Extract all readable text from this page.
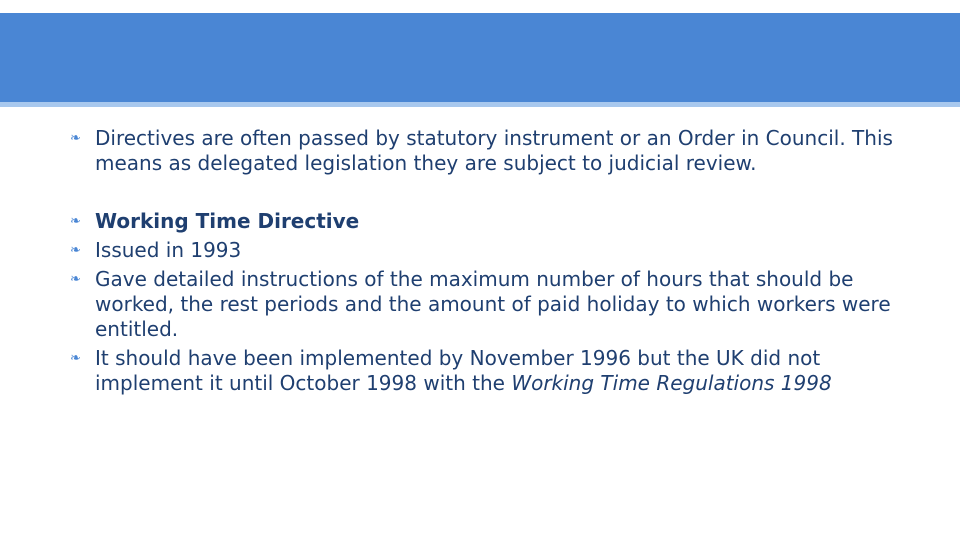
❧ Directives are often passed by statutory instrument or an Order in Council. This means as delegated legislation they are subject to judicial review.
❧ Working Time Directive
❧ Issued in 1993
❧ Gave detailed instructions of the maximum number of hours that should be worked, the rest periods and the amount of paid holiday to which workers were entitled.
❧ It should have been implemented by November 1996 but the UK did not implement it until October 1998 with the Working Time Regulations 1998
